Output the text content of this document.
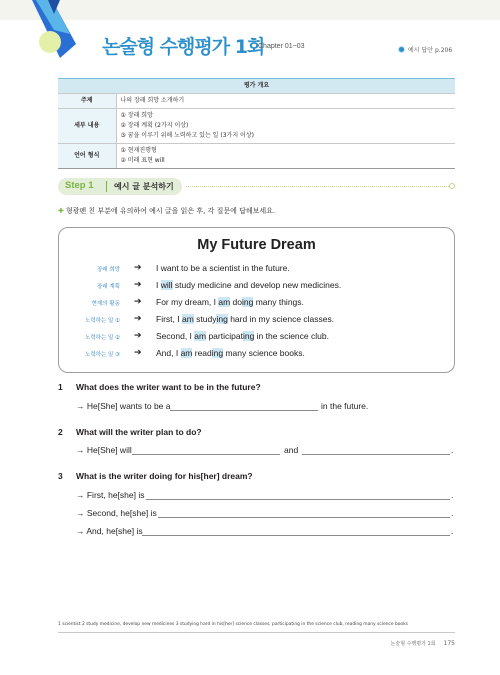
논술형 수행평가 1회
Chapter 01~03
예시 답안 p.206
평가 개요	
주제	나의 장래 희망 소개하기

세부 내용	① 장래 희망
② 장래 계획 (2가지 이상)
③ 꿈을 이루기 위해 노력하고 있는 일 (3가지 이상)

언어 형식	① 현재진행형
② 미래 표현 will
Step 1	예시 글 분석하기
✚ 형광펜 친 부분에 유의하여 예시 글을 읽은 후, 각 질문에 답해보세요.
My Future Dream
장래 희망 ➔ I want to be a scientist in the future.
장래 계획 ➔ I will study medicine and develop new medicines.
현재의 활동 ➔ For my dream, I am doing many things.
노력하는 일 ① ➔ First, I am studying hard in my science classes.
노력하는 일 ② ➔ Second, I am participating in the science club.
노력하는 일 ③ ➔ And, I am reading many science books.
1 What does the writer want to be in the future?
→ He[She] wants to be a	in the future.
2 What will the writer plan to do?
→ He[She] will	and	.
3 What is the writer doing for his[her] dream?
→ First, he[she] is	.
→ Second, he[she] is	.
→ And, he[she] is	.
1 scientist 2 study medicine, develop new medicines 3 studying hard in his[her] science classes, participating in the science club, reading many science books
논술형 수행평가 1회 175
